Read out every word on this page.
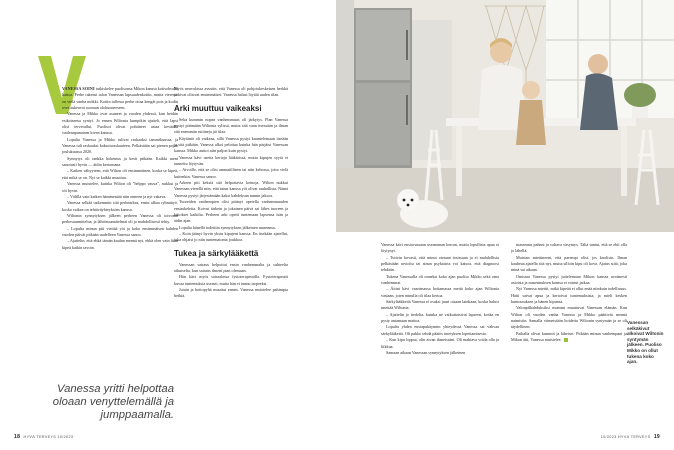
VANESSA SOINI tutkiskelee puolisonsa Mikon kanssa kotisohvalla kattoa. Perhe rakensi talon Vanessan lapsuudenkotiin, mutta vieressä on vielä vanha mökki. Kotiin tullessa perhe ottaa kengät pois ja kodin ovet aukeavat suoraan olohuoneeseen.

Vanessa ja Mikko ovat asuneet ja vuoden yhdessä, kun heidän esikoisensa syntyi. Jo ennen Wiltonia kumpikin ajatteli, että lapsi olisi tervetullut. Puolisot olivat pohtineet asiaa keväällä vaaleanpunaisen kiven kanssa.

Lopulta Vanessa ja Mikko tulivat raskaaksi tammikuussa, ja Vanessa tuli raskaaksi kaksoisraskauteen. Pelkästään sai pienen pojan joulukuussa 2020.

Synnytys oli rankka kokemus ja kesti pitkään. Kaikki meni sanotusti hyvin — äidin kertomana.

– Kaiken vähyyteen, että Wilton oli ensimmäinen, koska se kipeä, että mikä se on. Nyt se kaikki muuttuu.

Vanessa muistelee, kuinka Wilton oli "helppo vauva", nukkui ja söi hyvin.

– Välillä vain kaiken hämmentää niin onneen ja nyt vakava.

Vanessa selkää tarkemmin sitä perhearkea, ensin alkaa ryhmätyö, koska vaikea on tehtäväyhteyksien kanssa.

Wiltonin synnytyksen jälkeen perheen Vanessa oli toivonut perhesuunnittelua, ja lähtösuunnitelmat oli jo mahdollisesti tehty.

– Lopulta minun piti viettää yöt ja koko ensimmäisen kahden vuoden päivät pitkään uudelleen Vanessa sanoo.

– Ajattelin, että ehkä tämän kaulan mennä nyt, ehkä olen vain liian kipeä kaikin tavoin.

Myös neuvolassa avustin, että Vanessa oli pohjoiskeskeisen herkkä ja kivat olisivat ensimmäiset. Vanessa halusi löytää uuden tilan.

Arki muuttuu vaikeaksi

Sekä kummin nopea vanhemmuus oli järkytys. Plan Vanessa pystyi pitämään Wiltonia sylissä, mutta sitä vaan itsessään ja ilman sitä enemmän rutiineja jäi tilaa.

Käytäntö oli vaikeaa, sillä Vanessa pystyi kuuntelemaan itseään ja sitä pitkään. Vanessa alkoi pelottaa kuinka hän pärjäisi Vanessan kanssa. Mikko auttoi niin paljon kuin pystyi.

Vanessa kävi useita kertoja lääkärissä, mutta kipujen syytä ei tunnettu löytyvän.

– Aivoille, että se olisi ammatillinen tai niin kehossa, jotta vielä kuitenkin, Vanessa sanoo.

Arkeen piti keksiä sitä helpottavia keinoja. Wilton nukkui Vanessan vierellä niin, että tutun kanssa yöt olivat rauhallisia. Nämä Vanessa pystyi järjestämään kaksi kahdeksan tunnin jaksoa.

Tuoreiden vanhempien olisi pitänyt opetella vanhemmuuden ensiaskeleita. Koivut tärkein ja jokainen päivä sai lähes tuoreen ja kiitokset kaikilta. Perheen arki opetti tuntemaan lapsensa isän ja äidin ajan.

Lopulta hänellä todettiin synnytyksen jälkeinen masennus.

– Koin jäänyt hyvin yksin kipujeni kanssa. En itsekään ajatellut, joka ohjaisi jo niin tuntematonta joukkoa.

Tukea ja särkylääkettä

Vanessan sairaus helpottui ensin vanhemmalta ja suhteelta aikuiselta, kun sairaus ilmeni pian olemaan.

Hän kävi myös sairaalassa fysioterapeutilla. Fysioterapeutti kuvaa tuntemuksia useasti, mutta hän ei tunnu tarpeeksi.

Jotain ja hoitopyhä muuttui ennen. Vanessa muistelee pahimpia hetkiä.

Vanessa yritti helpottaa oloaan venyttelemällä ja jumppaamalla.
18 HYVÄ TERVEYS 10/2023

Vanessa kävi ensiavussaan useamman kerran, mutta lopullista apua ei löytynyt.

– Tutivin kovasti, että minut otetaan tosissaan ja ei mahdollista pelkästään arvioitu tai sinun psykiatria voi katsoa, että diagnoosi tehdään.

Tukena Vanessalla oli onneksi koko ajan puoliso Mikko sekä oma vanhemmat.

– Äitini kävi vaarinsassa hoitamassa meitä koko ajan Wiltonia vastaan, joten minulla oli tilaa kertoa.

Särkylääkkeitä Vanessa ei osaksi juuri otsaan lainkaan, koska halusi imettää Wiltonia.

– Ajattelin jo tiedolta, kuinka ne vaikuttaisivat lapseen, koska en pysty antamaan maitoa.

Lopulta yhden ensiapukäynnin yhteydessä Vanessa sai vahvaa särkylääkettä. Oli pakko tehdä päätös imetyksen lopettamisesta.

– Kun kipu loppui, olin aivan ihmeissäni. Oli mahtava voida olla ja liikkua.

Samaan aikaan Vanessan synnytyksen jälkeinen

masennus paheni ja valtava väsymys. Tältä tuntui, että se ehti olla jo lähellä.

Muistan miettineeni, että parempi olisi, jos kuolisin. Ilman kauheaa ajatella sitä nyt, mutta silloin kipu oli kova. Ajatus siitä, joka minä sai aikaan.

Omistaa Vanessa pystyi juttelemaan Mikon kanssa avoimesti asioista ja masennuksen kanssa ei voinut jatkaa.

Nyt Vanessa miettii, mikä kipeää ei ollut enää niinkuin todellisuus. Häiti saivat apua ja kertoivat tuntemuksista, ja mieli kesken kuntoutuksen ja hänen kipunsa.

Valonpilkahduksiksi mummi muuttuvat Vanessan elämän. Kun Wilton oli vuoden vanha Vanessa ja Mikko päättivät mennä naimisiin. Samalla viimeistään hoidettu Wiltonin syntymän ja se oli täydellinen.

Paikalla olivat kummit ja läheiset. Pitkään minun vanhempani ja Mikon äiti, Vanessa muistelee.

Vanessan selkäkivut alkoivat Wiltonin syntymän jälkeen. Puoliso Mikko on ollut tukena koko ajan.
10/2023 HYVÄ TERVEYS 19
